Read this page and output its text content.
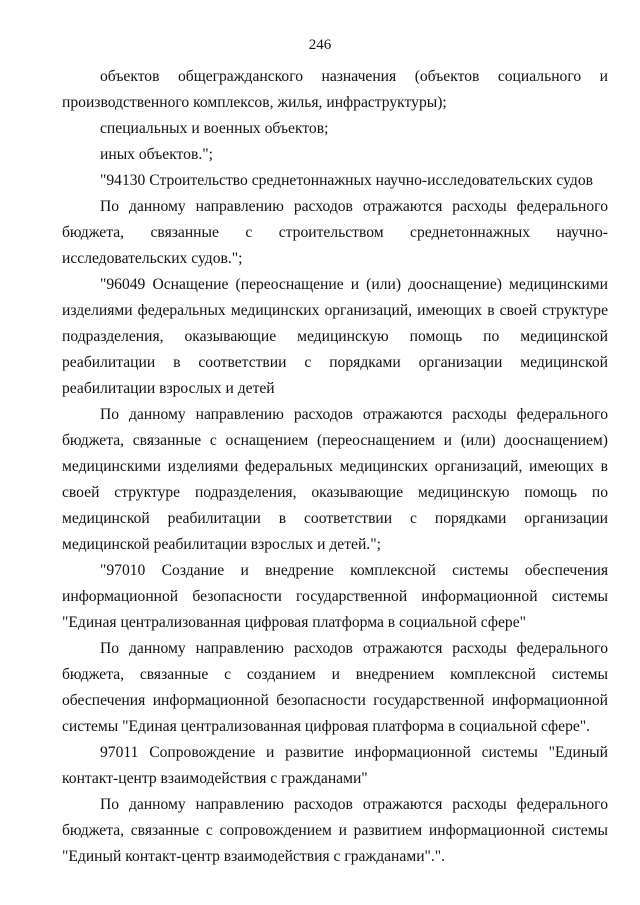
246

объектов общегражданского назначения (объектов социального и производственного комплексов, жилья, инфраструктуры);

специальных и военных объектов;

иных объектов.";

"94130 Строительство среднетоннажных научно-исследовательских судов

По данному направлению расходов отражаются расходы федерального бюджета, связанные с строительством среднетоннажных научно-исследовательских судов.";

"96049 Оснащение (переоснащение и (или) дооснащение) медицинскими изделиями федеральных медицинских организаций, имеющих в своей структуре подразделения, оказывающие медицинскую помощь по медицинской реабилитации в соответствии с порядками организации медицинской реабилитации взрослых и детей

По данному направлению расходов отражаются расходы федерального бюджета, связанные с оснащением (переоснащением и (или) дооснащением) медицинскими изделиями федеральных медицинских организаций, имеющих в своей структуре подразделения, оказывающие медицинскую помощь по медицинской реабилитации в соответствии с порядками организации медицинской реабилитации взрослых и детей.";

"97010 Создание и внедрение комплексной системы обеспечения информационной безопасности государственной информационной системы "Единая централизованная цифровая платформа в социальной сфере"

По данному направлению расходов отражаются расходы федерального бюджета, связанные с созданием и внедрением комплексной системы обеспечения информационной безопасности государственной информационной системы "Единая централизованная цифровая платформа в социальной сфере".

97011 Сопровождение и развитие информационной системы "Единый контакт-центр взаимодействия с гражданами"

По данному направлению расходов отражаются расходы федерального бюджета, связанные с сопровождением и развитием информационной системы "Единый контакт-центр взаимодействия с гражданами".".
